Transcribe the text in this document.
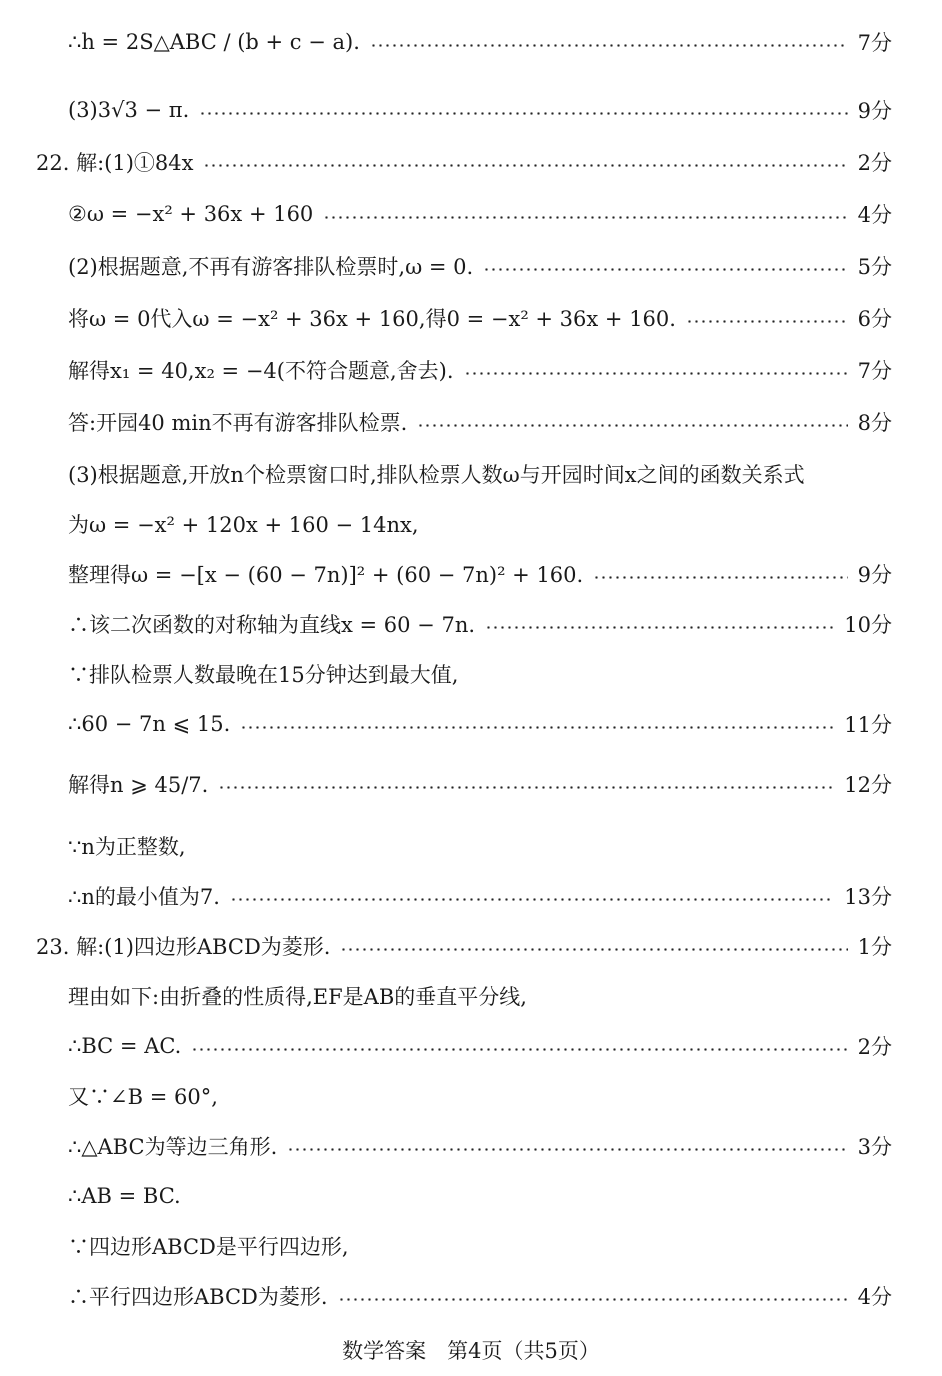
∴h = 2S△ABC / (b + c − a).	7分
(3)3√3 − π.	9分
22. 解:(1)①84x	2分
②ω = −x² + 36x + 160	4分
(2)根据题意,不再有游客排队检票时,ω = 0.	5分
将ω = 0代入ω = −x² + 36x + 160,得0 = −x² + 36x + 160.	6分
解得x₁ = 40,x₂ = −4(不符合题意,舍去).	7分
答:开园40 min不再有游客排队检票.	8分
(3)根据题意,开放n个检票窗口时,排队检票人数ω与开园时间x之间的函数关系式
为ω = −x² + 120x + 160 − 14nx,
整理得ω = −[x − (60 − 7n)]² + (60 − 7n)² + 160.	9分
∴该二次函数的对称轴为直线x = 60 − 7n.	10分
∵排队检票人数最晚在15分钟达到最大值,
∴60 − 7n ⩽ 15.	11分
解得n ⩾ 45/7.	12分
∵n为正整数,
∴n的最小值为7.	13分
23. 解:(1)四边形ABCD为菱形.	1分
理由如下:由折叠的性质得,EF是AB的垂直平分线,
∴BC = AC.	2分
又∵∠B = 60°,
∴△ABC为等边三角形.	3分
∴AB = BC.
∵四边形ABCD是平行四边形,
∴平行四边形ABCD为菱形.	4分
数学答案　第4页（共5页）
